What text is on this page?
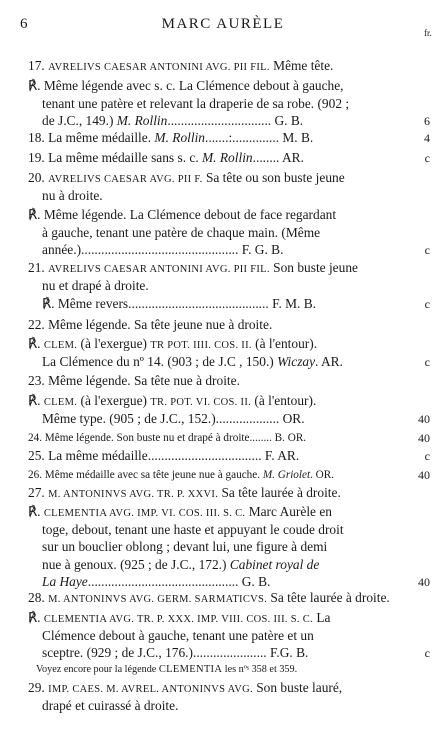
6	MARC AURÈLE
fr.
17. AVRELIVS CAESAR ANTONINI AVG. PII FIL. Même tête.
℟. Même légende avec s. c. La Clémence debout à gauche,
tenant une patère et relevant la draperie de sa robe. (902 ;
de J.C., 149.) M. Rollin............................... G. B.	6
18. La même médaille. M. Rollin.......:.............. M. B.	4
19. La même médaille sans s. c. M. Rollin........ AR.	c
20. AVRELIVS CAESAR AVG. PII F. Sa tête ou son buste jeune
nu à droite.
℟. Même légende. La Clémence debout de face regardant
à gauche, tenant une patère de chaque main. (Même
année.)............................................... F. G. B.	c
21. AVRELIVS CAESAR ANTONINI AVG. PII FIL. Son buste jeune
nu et drapé à droite.
℟. Même revers.......................................... F. M. B.	c
22. Même légende. Sa tête jeune nue à droite.
℟. CLEM. (à l'exergue) TR POT. IIII. COS. II. (à l'entour).
La Clémence du nº 14. (903 ; de J.C , 150.) Wiczay. AR.	c
23. Même légende. Sa tête nue à droite.
℟. CLEM. (à l'exergue) TR. POT. VI. COS. II. (à l'entour).
Même type. (905 ; de J.C., 152.)................... OR.	40
24. Même légende. Son buste nu et drapé à droite........ B. OR.	40
25. La même médaille.................................. F. AR.	c
26. Même médaille avec sa tête jeune nue à gauche. M. Griolet. OR.	40
27. M. ANTONINVS AVG. TR. P. XXVI. Sa tête laurée à droite.
℟. CLEMENTIA AVG. IMP. VI. COS. III. S. C. Marc Aurèle en
toge, debout, tenant une haste et appuyant le coude droit
sur un bouclier oblong ; devant lui, une figure à demi
nue à genoux. (925 ; de J.C., 172.) Cabinet royal de
La Haye............................................. G. B.	40
28. M. ANTONINVS AVG. GERM. SARMATICVS. Sa tête laurée à droite.
℟. CLEMENTIA AVG. TR. P. XXX. IMP. VIII. COS. III. S. C. La
Clémence debout à gauche, tenant une patère et un
sceptre. (929 ; de J.C., 176.)...................... F.G. B.	c
Voyez encore pour la légende CLEMENTIA les nºˢ 358 et 359.
29. IMP. CAES. M. AVREL. ANTONINVS AVG. Son buste lauré,
drapé et cuirassé à droite.
